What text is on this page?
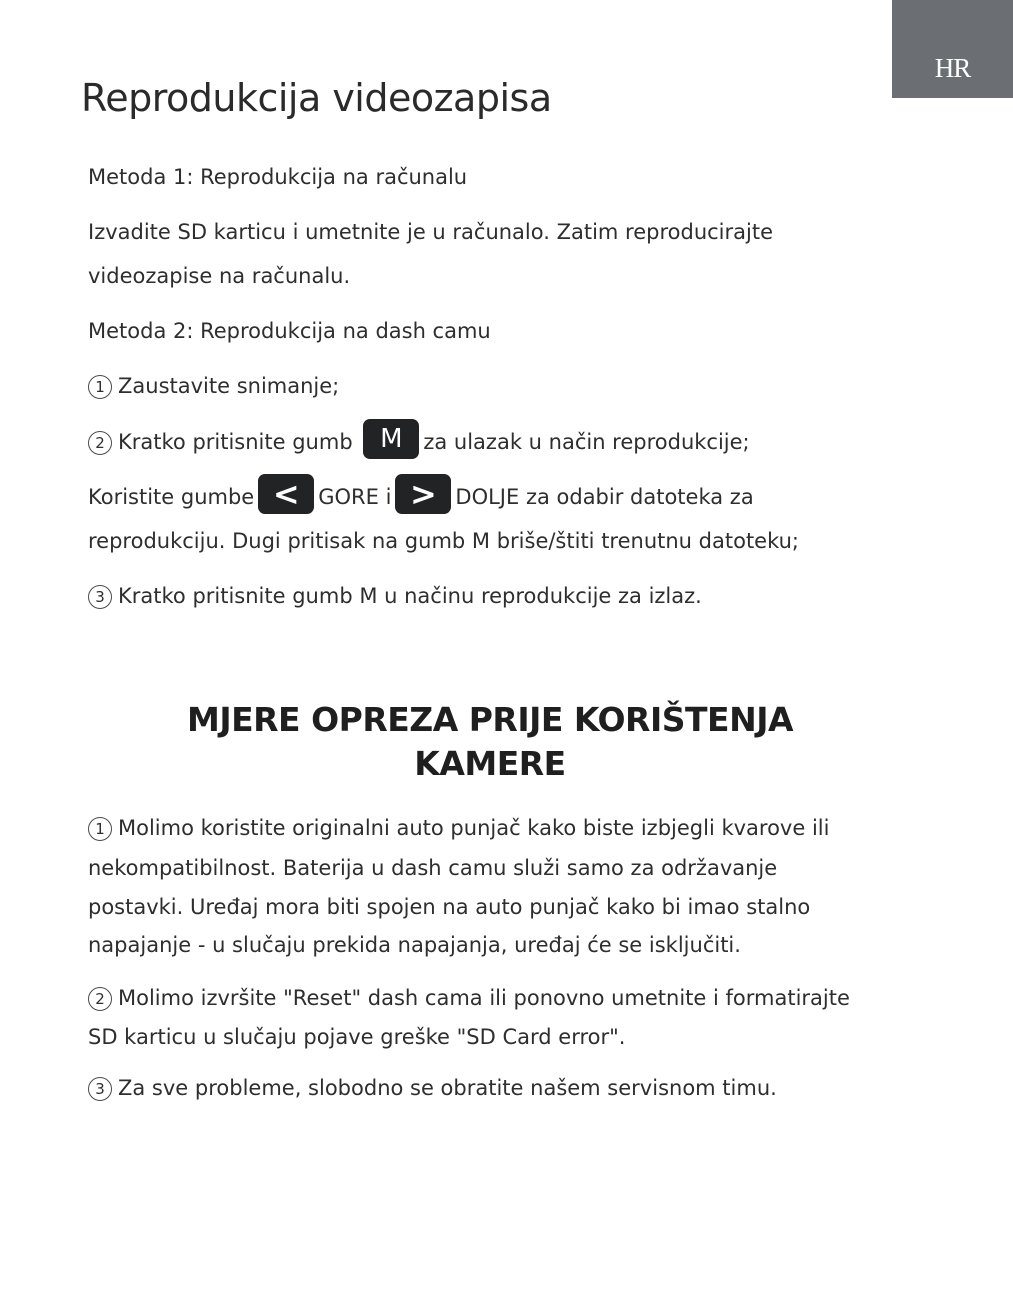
HR
Reprodukcija videozapisa

Metoda 1: Reprodukcija na računalu

Izvadite SD karticu i umetnite je u računalo. Zatim reproducirajte

videozapise na računalu.

Metoda 2: Reprodukcija na dash camu

1 Zaustavite snimanje;

2 Kratko pritisnite gumb M za ulazak u način reprodukcije;

Koristite gumbe < GORE i > DOLJE za odabir datoteka za

reprodukciju. Dugi pritisak na gumb M briše/štiti trenutnu datoteku;

3 Kratko pritisnite gumb M u načinu reprodukcije za izlaz.

MJERE OPREZA PRIJE KORIŠTENJA
KAMERE

1 Molimo koristite originalni auto punjač kako biste izbjegli kvarove ili

nekompatibilnost. Baterija u dash camu služi samo za održavanje

postavki. Uređaj mora biti spojen na auto punjač kako bi imao stalno

napajanje - u slučaju prekida napajanja, uređaj će se isključiti.

2 Molimo izvršite "Reset" dash cama ili ponovno umetnite i formatirajte

SD karticu u slučaju pojave greške "SD Card error".

3 Za sve probleme, slobodno se obratite našem servisnom timu.
